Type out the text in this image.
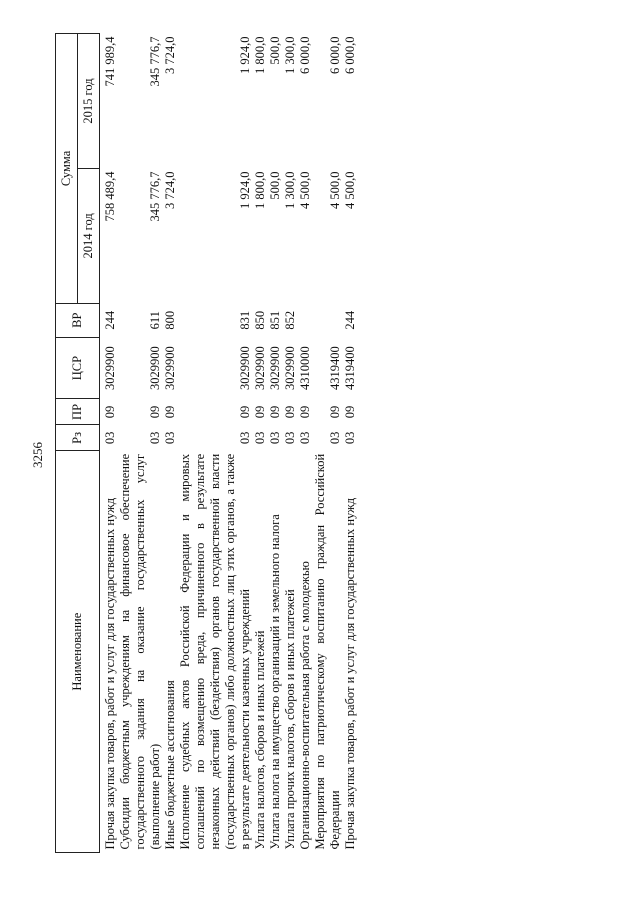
3256
Наименование	Рз	ПР	ЦСР	ВР	Сумма	
					2014 год	2015 год
Прочая закупка товаров, работ и услуг для государственных нужд	03	09	3029900	244	758 489,4	741 989,4
Субсидии бюджетным учреждениям на финансовое обеспечение государственного задания на оказание государственных услуг (выполнение работ)	03	09	3029900	611	345 776,7	345 776,7
Иные бюджетные ассигнования	03	09	3029900	800	3 724,0	3 724,0
Исполнение судебных актов Российской Федерации и мировых соглашений по возмещению вреда, причиненного в результате незаконных действий (бездействия) органов государственной власти (государственных органов) либо должностных лиц этих органов, а также в результате деятельности казенных учреждений	03	09	3029900	831	1 924,0	1 924,0
Уплата налогов, сборов и иных платежей	03	09	3029900	850	1 800,0	1 800,0
Уплата налога на имущество организаций и земельного налога	03	09	3029900	851	500,0	500,0
Уплата прочих налогов, сборов и иных платежей	03	09	3029900	852	1 300,0	1 300,0
Организационно-воспитательная работа с молодежью	03	09	4310000		4 500,0	6 000,0
Мероприятия по патриотическому воспитанию граждан Российской Федерации	03	09	4319400		4 500,0	6 000,0
Прочая закупка товаров, работ и услуг для государственных нужд	03	09	4319400	244	4 500,0	6 000,0
